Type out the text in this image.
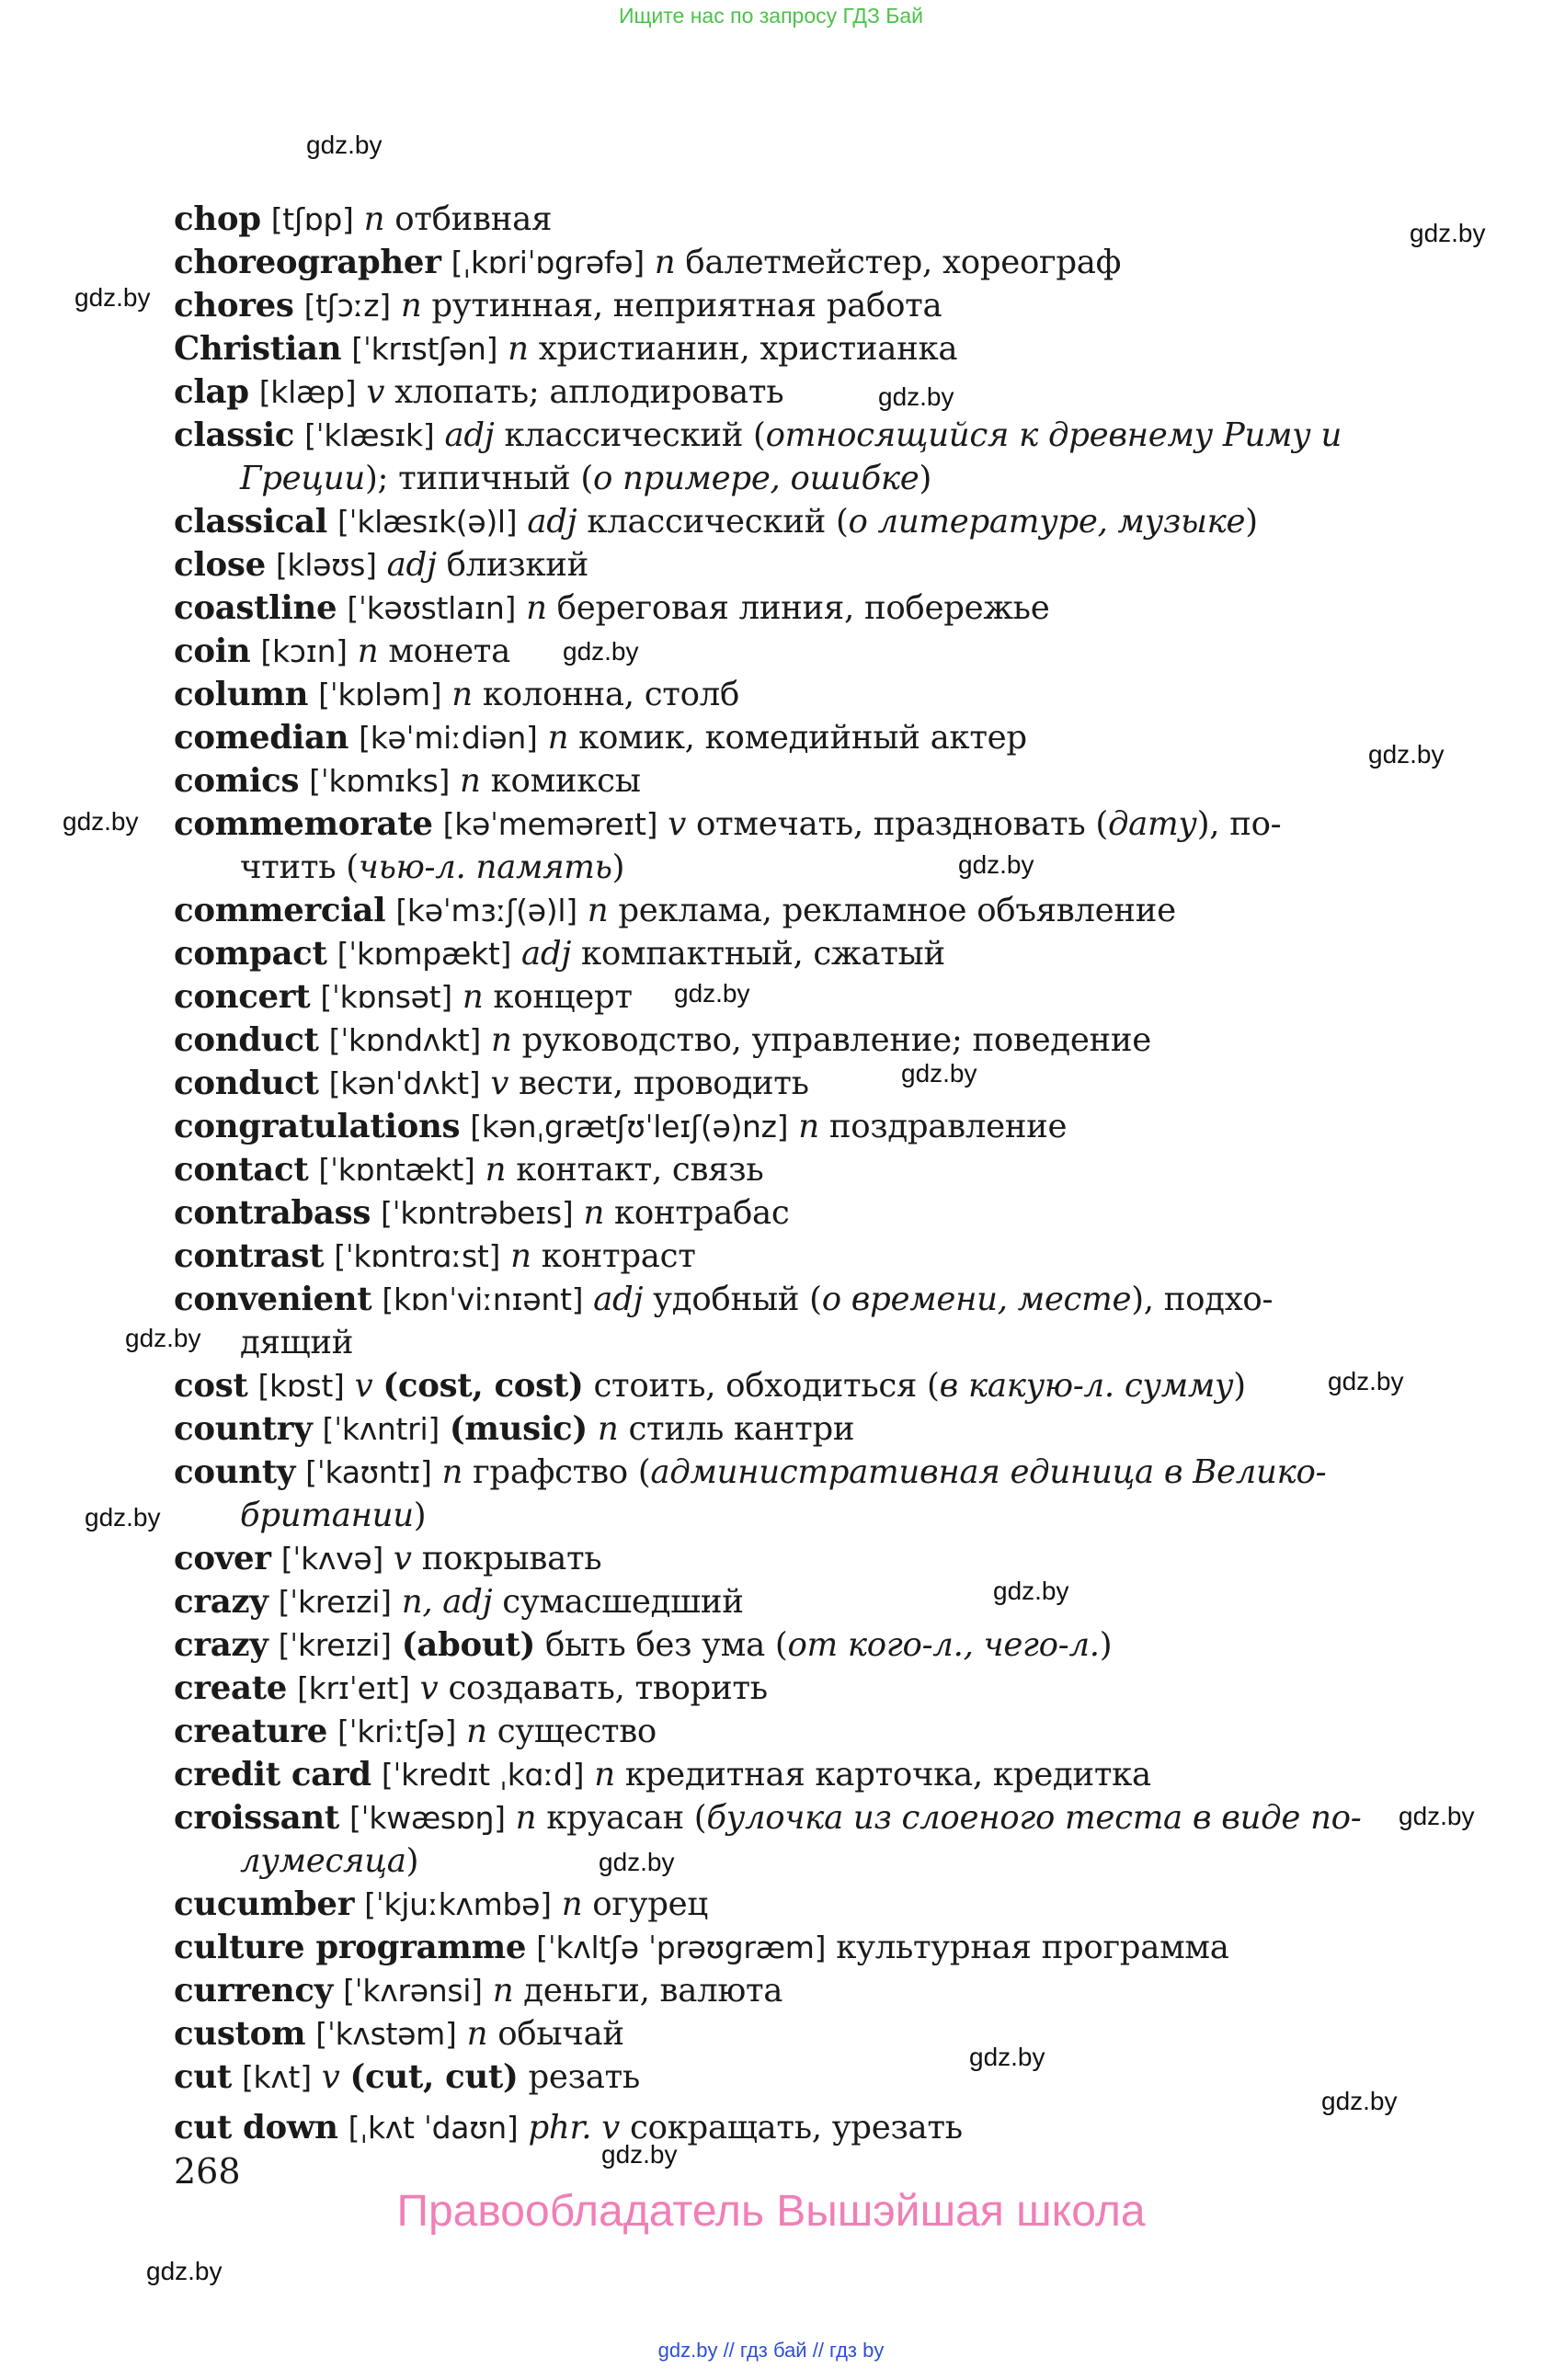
Ищите нас по запросу ГДЗ Бай
gdz.by
gdz.by
gdz.by
gdz.by
gdz.by
gdz.by
gdz.by
gdz.by
gdz.by
gdz.by
gdz.by
gdz.by
gdz.by
gdz.by
gdz.by
gdz.by
gdz.by
gdz.by
gdz.by
gdz.by
chop [tʃɒp] n отбивная
choreographer [ˌkɒriˈɒgrəfə] n балетмейстер, хореограф
chores [tʃɔːz] n рутинная, неприятная работа
Christian [ˈkrɪstʃən] n христианин, христианка
clap [klæp] v хлопать; аплодировать
classic [ˈklæsɪk] adj классический (относящийся к древнему Риму и
Греции); типичный (о примере, ошибке)
classical [ˈklæsɪk(ə)l] adj классический (о литературе, музыке)
close [kləʊs] adj близкий
coastline [ˈkəʊstlaɪn] n береговая линия, побережье
coin [kɔɪn] n монета
column [ˈkɒləm] n колонна, столб
comedian [kəˈmiːdiən] n комик, комедийный актер
comics [ˈkɒmɪks] n комиксы
commemorate [kəˈmeməreɪt] v отмечать, праздновать (дату), по-
чтить (чью-л. память)
commercial [kəˈmɜːʃ(ə)l] n реклама, рекламное объявление
compact [ˈkɒmpækt] adj компактный, сжатый
concert [ˈkɒnsət] n концерт
conduct [ˈkɒndʌkt] n руководство, управление; поведение
conduct [kənˈdʌkt] v вести, проводить
congratulations [kənˌgrætʃʊˈleɪʃ(ə)nz] n поздравление
contact [ˈkɒntækt] n контакт, связь
contrabass [ˈkɒntrəbeɪs] n контрабас
contrast [ˈkɒntrɑːst] n контраст
convenient [kɒnˈviːnɪənt] adj удобный (о времени, месте), подхо-
дящий
cost [kɒst] v (cost, cost) стоить, обходиться (в какую-л. сумму)
country [ˈkʌntri] (music) n стиль кантри
county [ˈkaʊntɪ] n графство (административная единица в Велико-
британии)
cover [ˈkʌvə] v покрывать
crazy [ˈkreɪzi] n, adj сумасшедший
crazy [ˈkreɪzi] (about) быть без ума (от кого-л., чего-л.)
create [krɪˈeɪt] v создавать, творить
creature [ˈkriːtʃə] n существо
credit card [ˈkredɪt ˌkɑːd] n кредитная карточка, кредитка
croissant [ˈkwæsɒŋ] n круасан (булочка из слоеного теста в виде по-
лумесяца)
cucumber [ˈkjuːkʌmbə] n огурец
culture programme [ˈkʌltʃə ˈprəʊgræm] культурная программа
currency [ˈkʌrənsi] n деньги, валюта
custom [ˈkʌstəm] n обычай
cut [kʌt] v (cut, cut) резать
cut down [ˌkʌt ˈdaʊn] phr. v сокращать, урезать
268
Правообладатель Вышэйшая школа
gdz.by // гдз бай // гдз by
